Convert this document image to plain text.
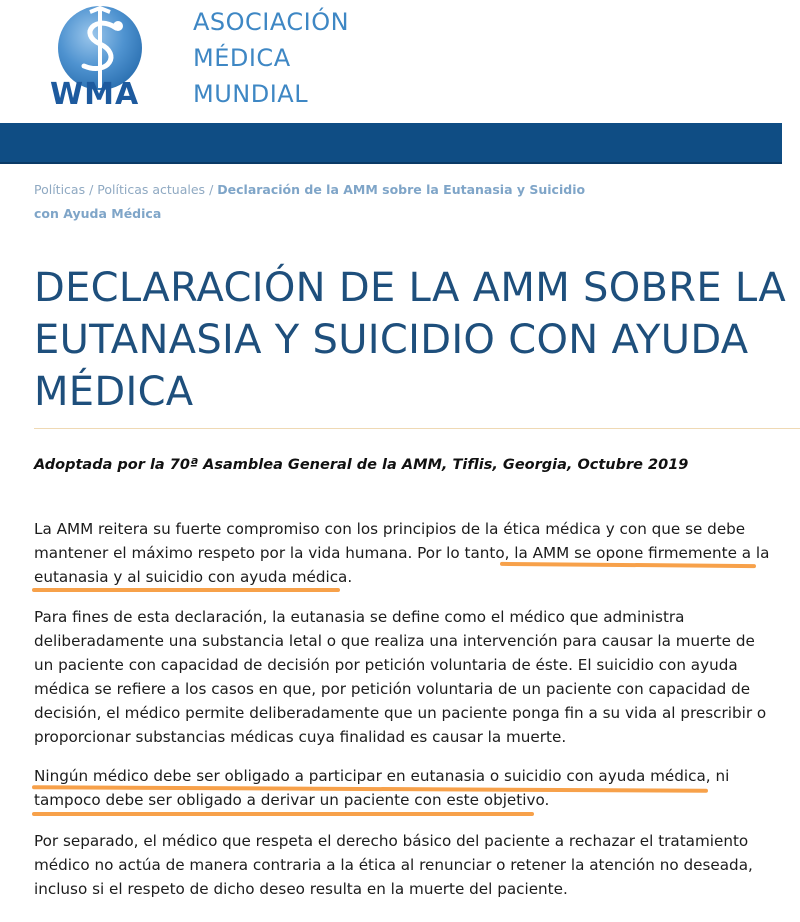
WMA
ASOCIACIÓN
MÉDICA
MUNDIAL
Políticas / Políticas actuales / Declaración de la AMM sobre la Eutanasia y Suicidio con Ayuda Médica
DECLARACIÓN DE LA AMM SOBRE LA EUTANASIA Y SUICIDIO CON AYUDA MÉDICA

Adoptada por la 70ª Asamblea General de la AMM, Tiflis, Georgia, Octubre 2019

La AMM reitera su fuerte compromiso con los principios de la ética médica y con que se debe mantener el máximo respeto por la vida humana. Por lo tanto, la AMM se opone firmemente a la eutanasia y al suicidio con ayuda médica.

Para fines de esta declaración, la eutanasia se define como el médico que administra deliberadamente una substancia letal o que realiza una intervención para causar la muerte de un paciente con capacidad de decisión por petición voluntaria de éste. El suicidio con ayuda médica se refiere a los casos en que, por petición voluntaria de un paciente con capacidad de decisión, el médico permite deliberadamente que un paciente ponga fin a su vida al prescribir o proporcionar substancias médicas cuya finalidad es causar la muerte.

Ningún médico debe ser obligado a participar en eutanasia o suicidio con ayuda médica, ni tampoco debe ser obligado a derivar un paciente con este objetivo.

Por separado, el médico que respeta el derecho básico del paciente a rechazar el tratamiento médico no actúa de manera contraria a la ética al renunciar o retener la atención no deseada, incluso si el respeto de dicho deseo resulta en la muerte del paciente.
